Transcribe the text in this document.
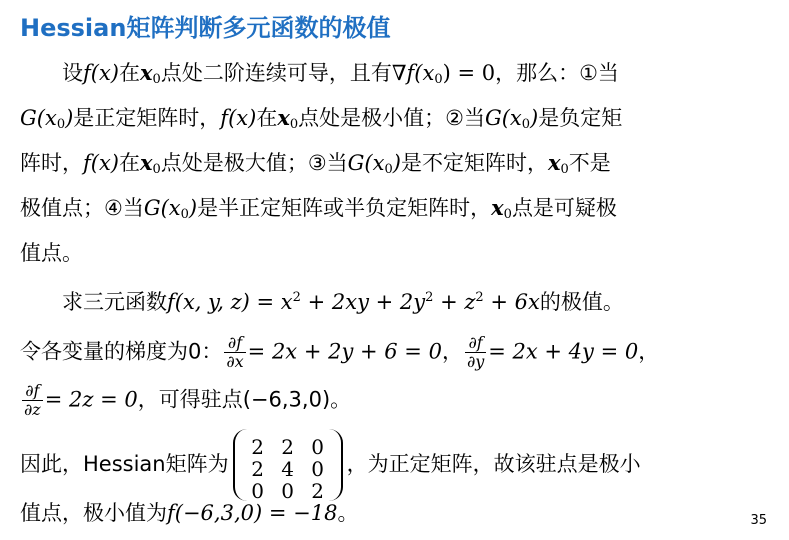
Hessian矩阵判断多元函数的极值
设f(x)在$x_0$点处二阶连续可导，且有$\nabla f(x_0) = 0$，那么：①当
$G(x_0)$是正定矩阵时，f(x)在$x_0$点处是极小值；②当$G(x_0)$是负定矩
阵时，f(x)在$x_0$点处是极大值；③当$G(x_0)$是不定矩阵时，$x_0$不是
极值点；④当$G(x_0)$是半正定矩阵或半负定矩阵时，$x_0$点是可疑极
值点。
求三元函数f(x, y, $z) = x^2 + 2xy + 2y^2 + z^2 + 6x$的极值。
令各变量的梯度为0： $\frac{\partial f}{\partial x} = 2x + 2y + 6 = 0$， $\frac{\partial f}{\partial y} = 2x + 4y = 0$，
$\frac{\partial f}{\partial z} = 2z = 0$，可得驻点(−6,3,0)。
因此，Hessian矩阵为
2 2 0
2 4 0
0 0 2
，为正定矩阵，故该驻点是极小
值点，极小值为f(−6,3,0) = −18。	35
